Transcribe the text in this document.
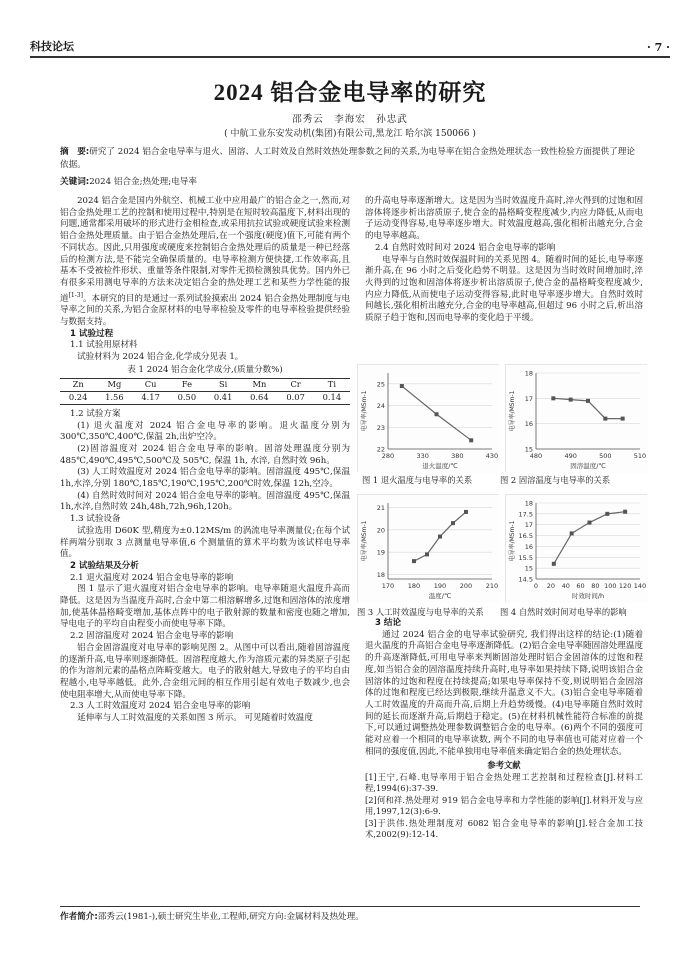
科技论坛	· 7 ·
2024 铝合金电导率的研究
邵秀云　李海宏　孙忠武
( 中航工业东安发动机(集团)有限公司,黑龙江 哈尔滨 150066 )
摘　要:研究了 2024 铝合金电导率与退火、固溶、人工时效及自然时效热处理参数之间的关系,为电导率在铝合金热处理状态一致性检验方面提供了理论依据。
关键词:2024 铝合金;热处理;电导率

2024 铝合金是国内外航空、机械工业中应用最广的铝合金之一,然而,对铝合金热处理工艺的控制和使用过程中,特别是在短时较高温度下,材料出现的问题,通常都采用破坏的形式进行金相检查,或采用抗拉试验或硬度试验来检测铝合金热处理质量。由于铝合金热处理后,在一个强度(硬度)值下,可能有两个不同状态。因此,只用强度或硬度来控制铝合金热处理后的质量是一种已经落后的检测方法,是不能完全确保质量的。电导率检测方便快捷,工作效率高,且基本不受被检件形状、重量等条件限制,对零件无损检测独具优势。国内外已有很多采用测电导率的方法来决定铝合金的热处理工艺和某些力学性能的报道[1-3]。本研究的目的是通过一系列试验摸索出 2024 铝合金热处理制度与电导率之间的关系,为铝合金原材料的电导率检验及零件的电导率检验提供经验与数据支持。

1 试验过程
1.1 试验用原材料

试验材料为 2024 铝合金,化学成分见表 1。

表 1 2024 铝合金化学成分,(质量分数%)
Zn	Mg	Cu	Fe	Si	Mn	Cr	Ti
0.24	1.56	4.17	0.50	0.41	0.64	0.07	0.14
1.2 试验方案

(1) 退火温度对 2024 铝合金电导率的影响。退火温度分别为 300℃,350℃,400℃,保温 2h,出炉空冷。

(2)固溶温度对 2024 铝合金电导率的影响。固溶处理温度分别为 485℃,490℃,495℃,500℃及 505℃, 保温 1h, 水淬, 自然时效 96h。

(3) 人工时效温度对 2024 铝合金电导率的影响。固溶温度 495℃,保温 1h,水淬,分别 180℃,185℃,190℃,195℃,200℃时效,保温 12h,空冷。

(4) 自然时效时间对 2024 铝合金电导率的影响。固溶温度 495℃,保温 1h,水淬,自然时效 24h,48h,72h,96h,120h。

1.3 试验设备

试验选用 D60K 型,精度为±0.12MS/m 的涡流电导率测量仪;在每个试样两端分别取 3 点测量电导率值,6 个测量值的算术平均数为该试样电导率值。

2 试验结果及分析
2.1 退火温度对 2024 铝合金电导率的影响

图 1 显示了退火温度对铝合金电导率的影响。电导率随退火温度升高而降低。这是因为当温度升高时,合金中第二相溶解增多,过饱和固溶体的浓度增加,使基体晶格畸变增加,基体点阵中的电子散射源的数量和密度也随之增加, 导电电子的平均自由程变小而使电导率下降。

2.2 固溶温度对 2024 铝合金电导率的影响

铝合金固溶温度对电导率的影响见图 2。从图中可以看出,随着固溶温度的逐渐升高,电导率则逐渐降低。固溶程度越大,作为溶质元素的异类原子引起的作为溶剂元素的晶格点阵畸变越大。电子的散射越大,导致电子的平均自由程越小,电导率越低。此外,合金组元间的相互作用引起有效电子数减少,也会使电阻率增大,从而使电导率下降。

2.3 人工时效温度对 2024 铝合金电导率的影响

延伸率与人工时效温度的关系如图 3 所示。 可见随着时效温度

的升高电导率逐渐增大。这是因为当时效温度升高时,淬火得到的过饱和固溶体将逐步析出溶质原子,使合金的晶格畸变程度减少,内应力降低,从而电子运动变得容易,电导率逐步增大。时效温度越高,强化相析出越充分,合金的电导率越高。

2.4 自然时效时间对 2024 铝合金电导率的影响

电导率与自然时效保温时间的关系见图 4。随着时间的延长,电导率逐渐升高,在 96 小时之后变化趋势不明显。这是因为当时效时间增加时,淬火得到的过饱和固溶体将逐步析出溶质原子,使合金的晶格畸变程度减少,内应力降低,从而使电子运动变得容易,此时电导率逐步增大。自然时效时间越长,强化相析出越充分,合金的电导率越高,但超过 96 小时之后,析出溶质原子趋于饱和,因而电导率的变化趋于平缓。

22
23
24
25
280	330	380	430
退火温度/℃
电导率/MSm-1
15
16
17
18
480	490	500	510
固溶温度/℃
电导率/MSm-1
图 1 退火温度与电导率的关系	图 2 固溶温度与电导率的关系
18
19
20
21
170 180 190 200 210
温度/℃
电导率/MSm-1
14.5
15
15.5
16
16.5
17
17.5
18
0 20 40 60 80 100 120 140
时效时间/h
电导率/MSm-1
图 3 人工时效温度与电导率的关系 图 4 自然时效时间对电导率的影响
3 结论

通过 2024 铝合金的电导率试验研究, 我们得出这样的结论:(1)随着退火温度的升高铝合金电导率逐渐降低。(2)铝合金电导率随固溶处理温度的升高逐渐降低,可用电导率来判断固溶处理时铝合金固溶体的过饱和程度,如当铝合金的固溶温度持续升高时,电导率如果持续下降,说明该铝合金固溶体的过饱和程度在持续提高;如果电导率保持不变,则说明铝合金固溶体的过饱和程度已经达到极限,继续升温意义不大。(3)铝合金电导率随着人工时效温度的升高而升高,后期上升趋势缓慢。(4)电导率随自然时效时间的延长而逐渐升高,后期趋于稳定。(5)在材料机械性能符合标准的前提下,可以通过调整热处理参数调整铝合金的电导率。(6)两个不同的强度可能对应着一个相同的电导率读数, 两个不同的电导率值也可能对应着一个相同的强度值,因此,不能单独用电导率值来确定铝合金的热处理状态。

参考文献
[1]王宁,石峰.电导率用于铝合金热处理工艺控制和过程检查[J].材料工程,1994(6):37-39.
[2]何和祥.热处理对 919 铝合金电导率和力学性能的影响[J].材料开发与应用,1997,12(3):6-9.
[3]于洪伟.热处理制度对 6082 铝合金电导率的影响[J].轻合金加工技术,2002(9):12-14.
作者简介:邵秀云(1981-),硕士研究生毕业,工程师,研究方向:金属材料及热处理。
